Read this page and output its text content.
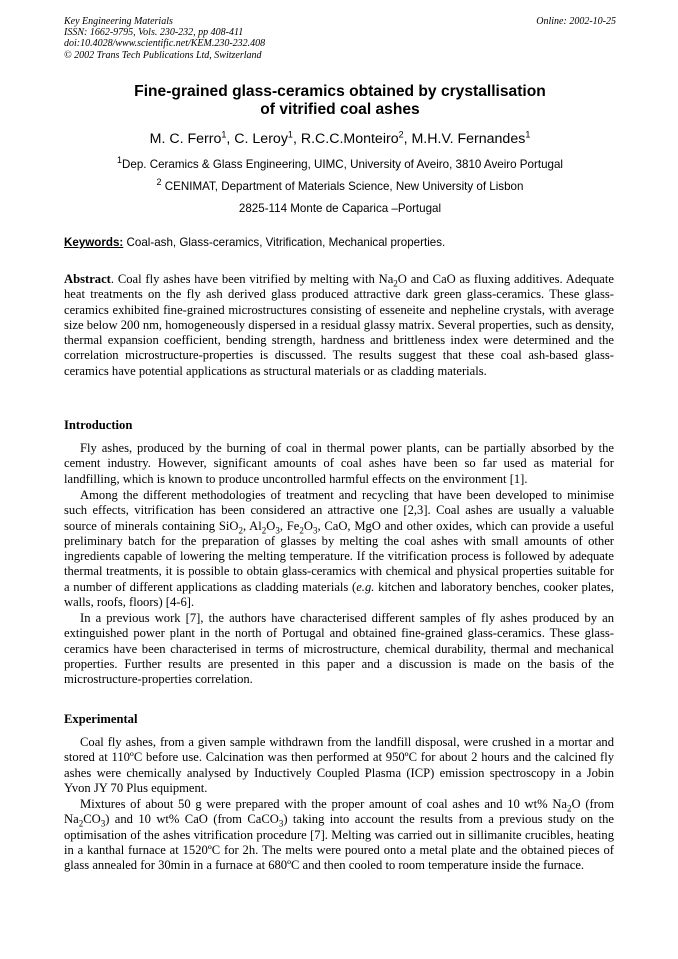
Key Engineering Materials
ISSN: 1662-9795, Vols. 230-232, pp 408-411
doi:10.4028/www.scientific.net/KEM.230-232.408
© 2002 Trans Tech Publications Ltd, Switzerland
Online: 2002-10-25
Fine-grained glass-ceramics obtained by crystallisation
of vitrified coal ashes
M. C. Ferro$^1$, C. Leroy$^1$, R.C.C.Monteiro$^2$, M.H.V. Fernandes$^1$
$^1$Dep. Ceramics & Glass Engineering, UIMC, University of Aveiro, 3810 Aveiro Portugal
$^2$ CENIMAT, Department of Materials Science, New University of Lisbon
2825-114 Monte de Caparica –Portugal
Keywords: Coal-ash, Glass-ceramics, Vitrification, Mechanical properties.
Abstract. Coal fly ashes have been vitrified by melting with $Na_2O$ and CaO as fluxing additives. Adequate heat treatments on the fly ash derived glass produced attractive dark green glass-ceramics. These glass-ceramics exhibited fine-grained microstructures consisting of esseneite and nepheline crystals, with average size below 200 nm, homogeneously dispersed in a residual glassy matrix. Several properties, such as density, thermal expansion coefficient, bending strength, hardness and brittleness index were determined and the correlation microstructure-properties is discussed. The results suggest that these coal ash-based glass-ceramics have potential applications as structural materials or as cladding materials.
Introduction
Fly ashes, produced by the burning of coal in thermal power plants, can be partially absorbed by the cement industry. However, significant amounts of coal ashes have been so far used as material for landfilling, which is known to produce uncontrolled harmful effects on the environment [1].
Among the different methodologies of treatment and recycling that have been developed to minimise such effects, vitrification has been considered an attractive one [2,3]. Coal ashes are usually a valuable source of minerals containing SiO$_2$, $Al_2O_3$, $Fe_2O_3$, CaO, MgO and other oxides, which can provide a useful preliminary batch for the preparation of glasses by melting the coal ashes with small amounts of other ingredients capable of lowering the melting temperature. If the vitrification process is followed by adequate thermal treatments, it is possible to obtain glass-ceramics with chemical and physical properties suitable for a number of different applications as cladding materials (e.g. kitchen and laboratory benches, cooker plates, walls, roofs, floors) [4-6].
In a previous work [7], the authors have characterised different samples of fly ashes produced by an extinguished power plant in the north of Portugal and obtained fine-grained glass-ceramics. These glass-ceramics have been characterised in terms of microstructure, chemical durability, thermal and mechanical properties. Further results are presented in this paper and a discussion is made on the basis of the microstructure-properties correlation.
Experimental
Coal fly ashes, from a given sample withdrawn from the landfill disposal, were crushed in a mortar and stored at 110ºC before use. Calcination was then performed at 950ºC for about 2 hours and the calcined fly ashes were chemically analysed by Inductively Coupled Plasma (ICP) emission spectroscopy in a Jobin Yvon JY 70 Plus equipment.
Mixtures of about 50 g were prepared with the proper amount of coal ashes and 10 wt% $Na_2O$ (from $Na_2CO_3$) and 10 wt% CaO (from CaCO$_3$) taking into account the results from a previous study on the optimisation of the ashes vitrification procedure [7]. Melting was carried out in sillimanite crucibles, heating in a kanthal furnace at 1520ºC for 2h. The melts were poured onto a metal plate and the obtained pieces of glass annealed for 30min in a furnace at 680ºC and then cooled to room temperature inside the furnace.
